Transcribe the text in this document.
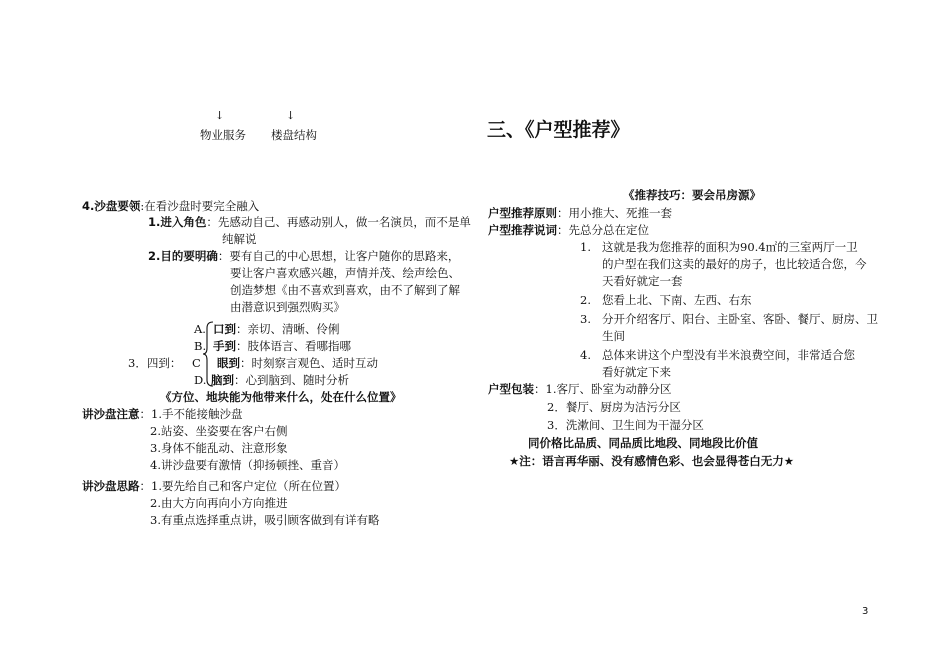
↓	↓
物业服务 楼盘结构
4.沙盘要领:在看沙盘时要完全融入
1.进入角色：先感动自己、再感动别人，做一名演员，而不是单
纯解说
2.目的要明确：要有自己的中心思想，让客户随你的思路来，
要让客户喜欢感兴趣，声情并茂、绘声绘色、
创造梦想《由不喜欢到喜欢，由不了解到了解
由潜意识到强烈购买》
3．四到：
A. 口到：亲切、清晰、伶俐
B. 手到：肢体语言、看哪指哪
C 眼到：时刻察言观色、适时互动
D. 脑到：心到脑到、随时分析
《方位、地块能为他带来什么，处在什么位置》
讲沙盘注意：1.手不能接触沙盘
2.站姿、坐姿要在客户右侧
3.身体不能乱动、注意形象
4.讲沙盘要有激情（抑扬顿挫、重音）
讲沙盘思路：1.要先给自己和客户定位（所在位置）
2.由大方向再向小方向推进
3.有重点选择重点讲，吸引顾客做到有详有略
三、《户型推荐》
《推荐技巧：要会吊房源》
户型推荐原则：用小推大、死推一套
户型推荐说词：先总分总在定位
1. 这就是我为您推荐的面积为90.4㎡的三室两厅一卫
的户型在我们这卖的最好的房子，也比较适合您，今
天看好就定一套
2. 您看上北、下南、左西、右东
3. 分开介绍客厅、阳台、主卧室、客卧、餐厅、厨房、卫
生间
4. 总体来讲这个户型没有半米浪费空间，非常适合您
看好就定下来
户型包装：1.客厅、卧室为动静分区
2．餐厅、厨房为洁污分区
3．洗漱间、卫生间为干湿分区
同价格比品质、同品质比地段、同地段比价值
★注：语言再华丽、没有感情色彩、也会显得苍白无力★
3
